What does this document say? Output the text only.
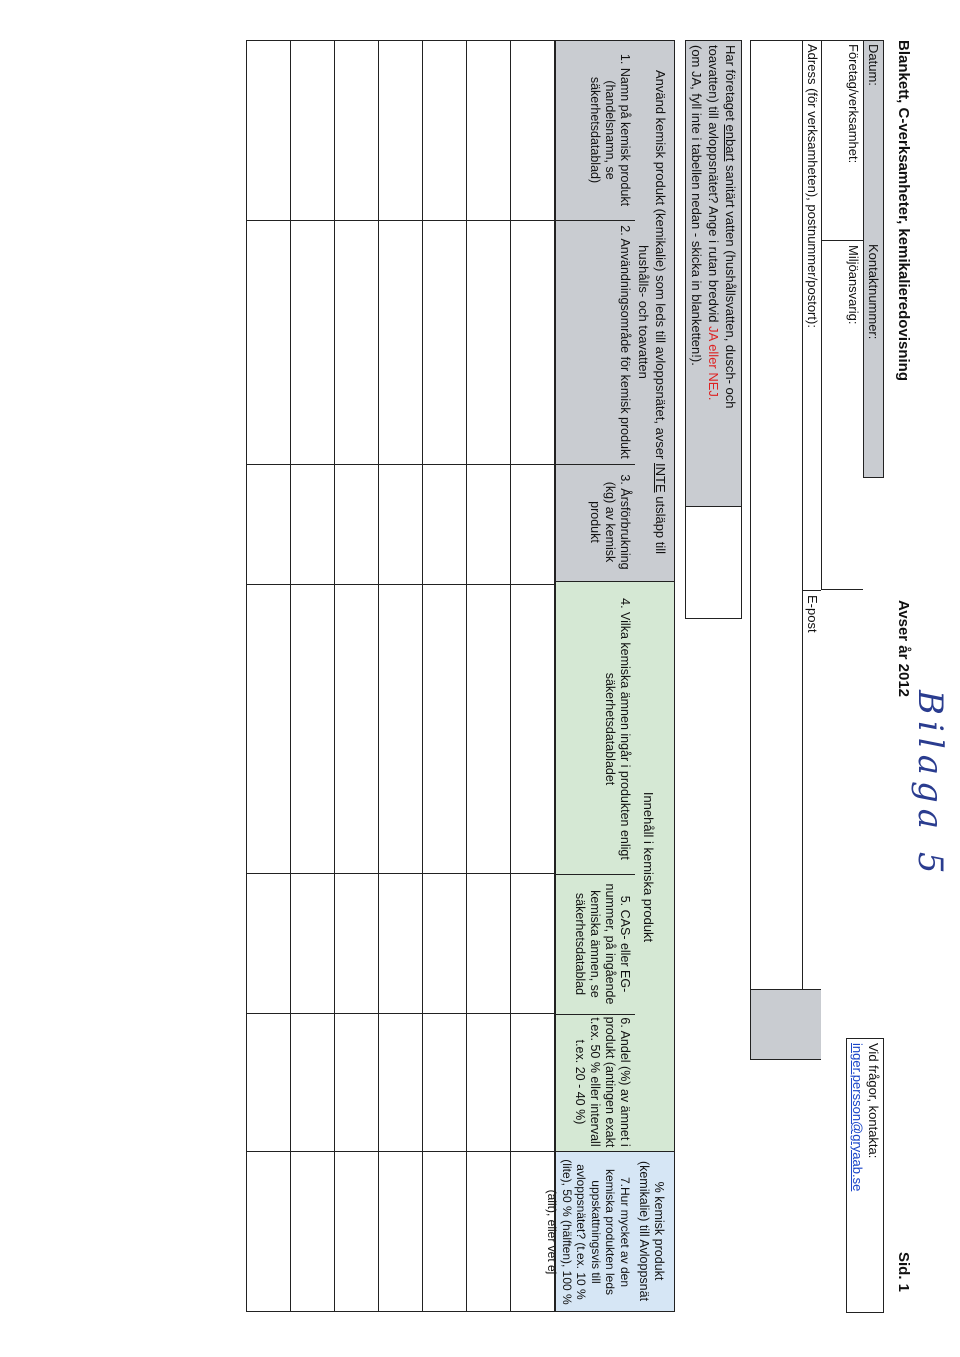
Bilaga 5
Blankett, C-verksamheter, kemikalieredovisning
Avser år 2012
Sid. 1
Datum:
Kontaktnummer:
Företag/verksamhet:
Miljöansvarig:
Adress (för verksamheten), postnummer/postort):
E-post
Vid frågor, kontakta:
inger.persson@gryaab.se
Har företaget enbart sanitärt vatten (hushållsvatten, dusch- och
toavatten) till avloppsnätet? Ange i rutan bredvid JA eller NEJ.
(om JA, fyll inte i tabellen nedan - skicka in blanketten!).
Använd kemisk produkt (kemikalie) som leds till avloppsnätet, avser INTE utsläpp till
hushålls- och toavatten
Innehåll i kemiska produkt
% kemisk produkt (kemikalie) till Avloppsnät
1. Namn på kemisk produkt (handelsnamn, se säkerhetsdatablad)
2. Användningsområde för kemisk produkt
3. Årsförbrukning (kg) av kemisk produkt
4. Vilka kemiska ämnen ingår i produkten enligt säkerhetsdatabladet
5. CAS- eller EG-nummer, på ingående kemiska ämnen, se säkerhetsdatablad
6. Andel (%) av ämnet i produkt (antingen exakt t.ex. 50 % eller intervall t.ex. 20 - 40 %)
7.Hur mycket av den kemiska produkten leds uppskattningsvis till avloppsnätet? (t.ex. 10 % (lite), 50 % (hälften), 100 % (allt), eller vet ej
